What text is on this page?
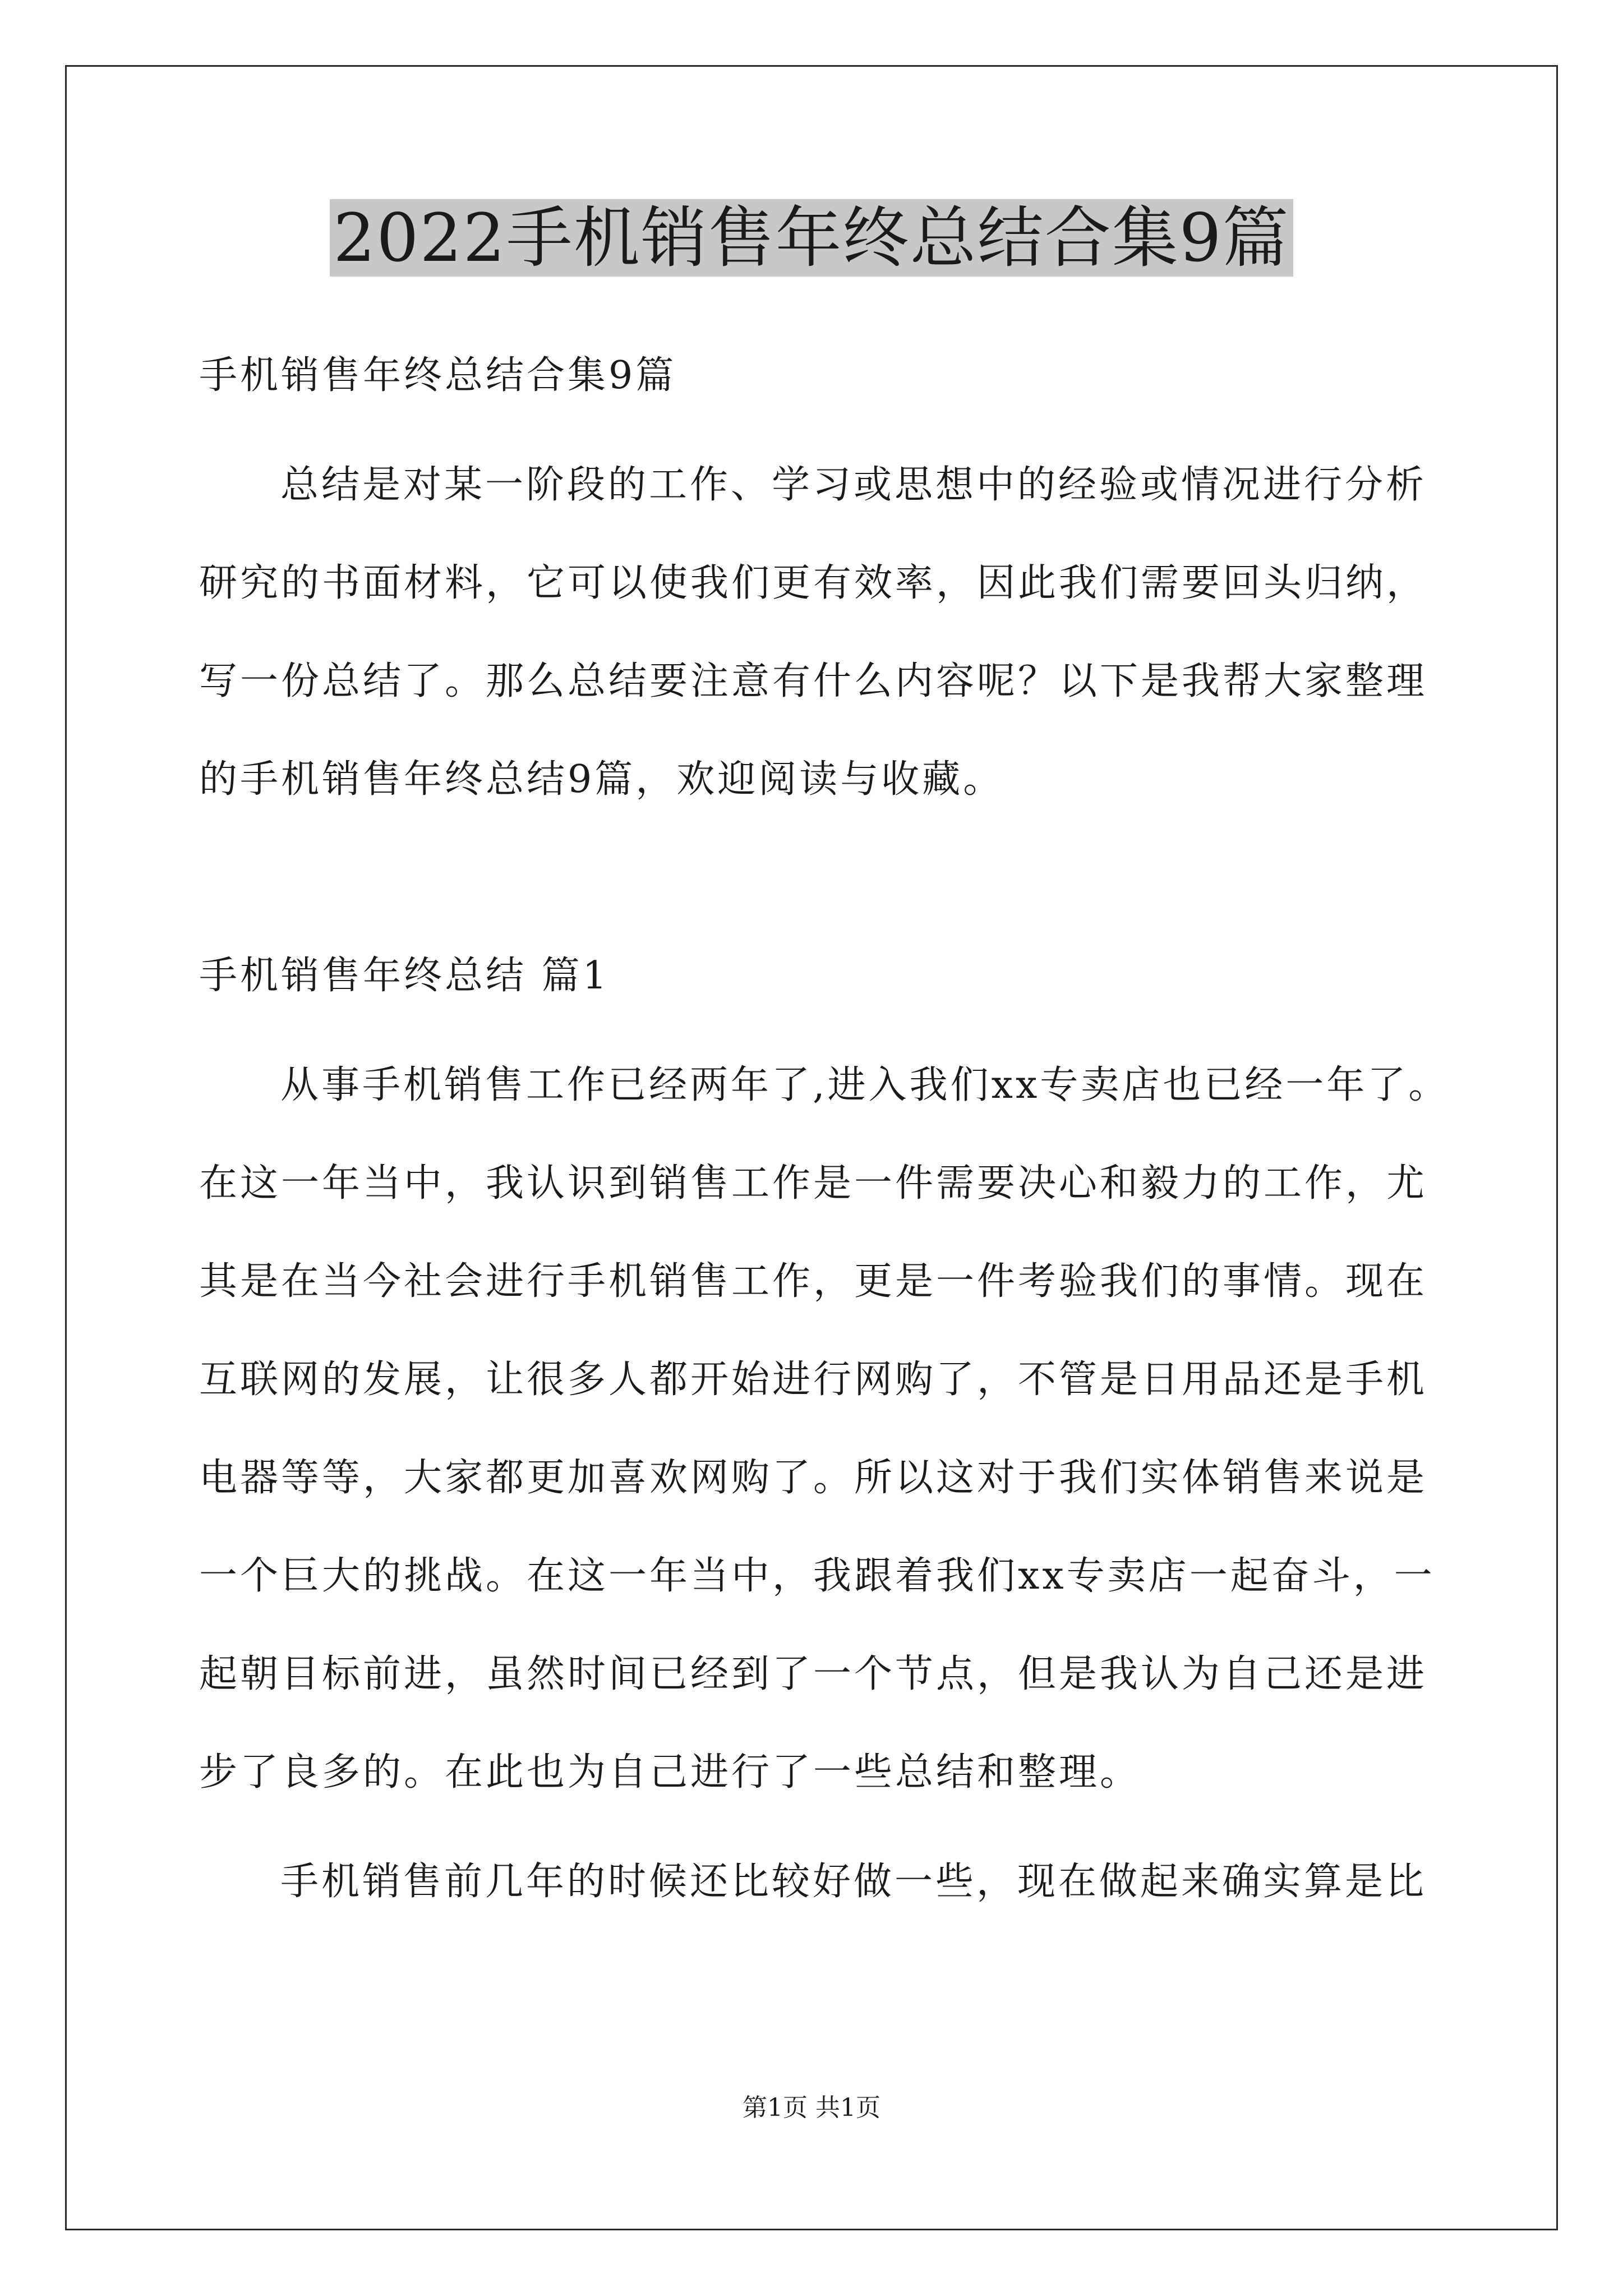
2022手机销售年终总结合集9篇
手机销售年终总结合集9篇
总结是对某一阶段的工作、学习或思想中的经验或情况进行分析
研究的书面材料，它可以使我们更有效率，因此我们需要回头归纳，
写一份总结了。那么总结要注意有什么内容呢？以下是我帮大家整理
的手机销售年终总结9篇，欢迎阅读与收藏。
手机销售年终总结 篇1
从事手机销售工作已经两年了,进入我们xx专卖店也已经一年了。
在这一年当中，我认识到销售工作是一件需要决心和毅力的工作，尤
其是在当今社会进行手机销售工作，更是一件考验我们的事情。现在
互联网的发展，让很多人都开始进行网购了，不管是日用品还是手机
电器等等，大家都更加喜欢网购了。所以这对于我们实体销售来说是
一个巨大的挑战。在这一年当中，我跟着我们xx专卖店一起奋斗，一
起朝目标前进，虽然时间已经到了一个节点，但是我认为自己还是进
步了良多的。在此也为自己进行了一些总结和整理。
手机销售前几年的时候还比较好做一些，现在做起来确实算是比
第1页 共1页
